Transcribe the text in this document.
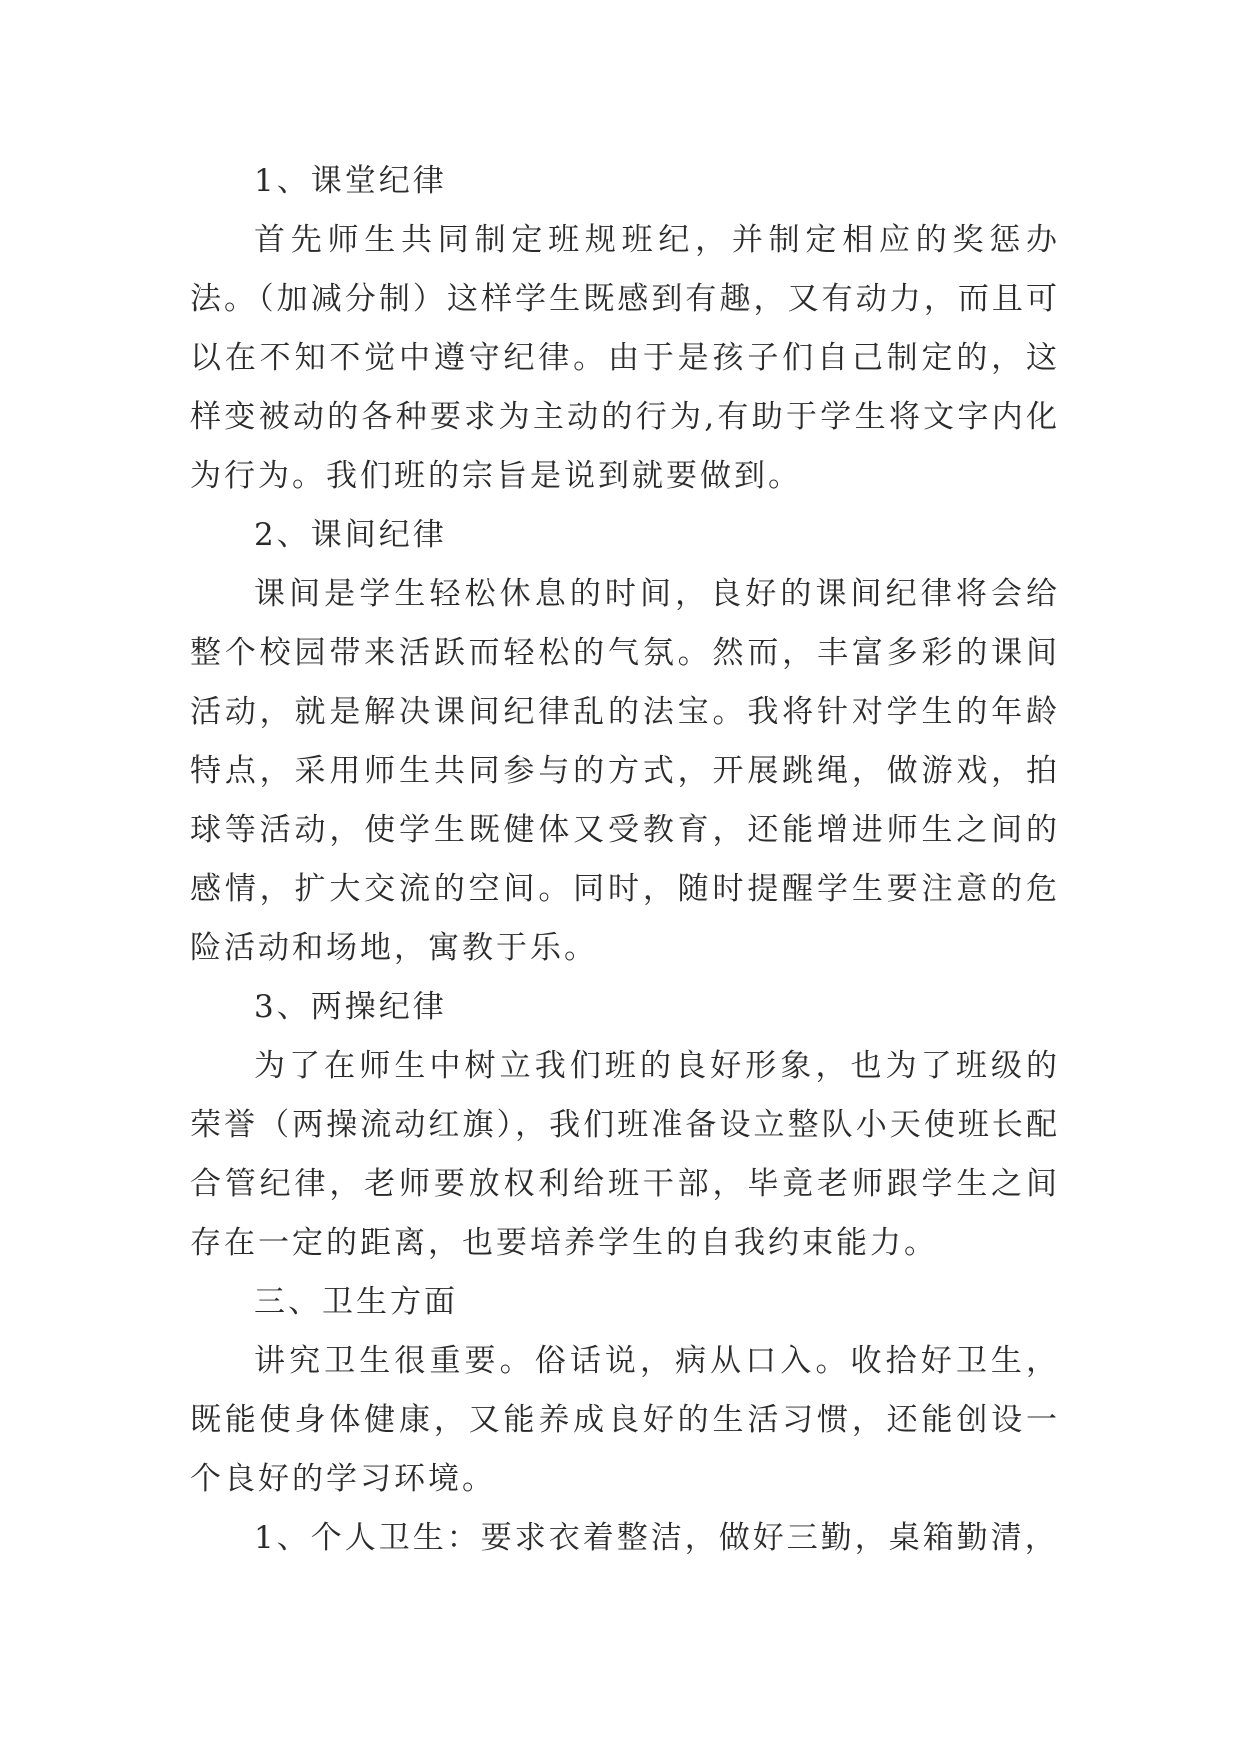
1、课堂纪律

首先师生共同制定班规班纪，并制定相应的奖惩办法。（加减分制）这样学生既感到有趣，又有动力，而且可以在不知不觉中遵守纪律。由于是孩子们自己制定的，这样变被动的各种要求为主动的行为,有助于学生将文字内化为行为。我们班的宗旨是说到就要做到。

2、课间纪律

课间是学生轻松休息的时间，良好的课间纪律将会给整个校园带来活跃而轻松的气氛。然而，丰富多彩的课间活动，就是解决课间纪律乱的法宝。我将针对学生的年龄特点，采用师生共同参与的方式，开展跳绳，做游戏，拍球等活动，使学生既健体又受教育，还能增进师生之间的感情，扩大交流的空间。同时，随时提醒学生要注意的危险活动和场地，寓教于乐。

3、两操纪律

为了在师生中树立我们班的良好形象，也为了班级的荣誉（两操流动红旗），我们班准备设立整队小天使班长配合管纪律，老师要放权利给班干部，毕竟老师跟学生之间存在一定的距离，也要培养学生的自我约束能力。

三、卫生方面

讲究卫生很重要。俗话说，病从口入。收拾好卫生，既能使身体健康，又能养成良好的生活习惯，还能创设一个良好的学习环境。

1、个人卫生：要求衣着整洁，做好三勤，桌箱勤清，
